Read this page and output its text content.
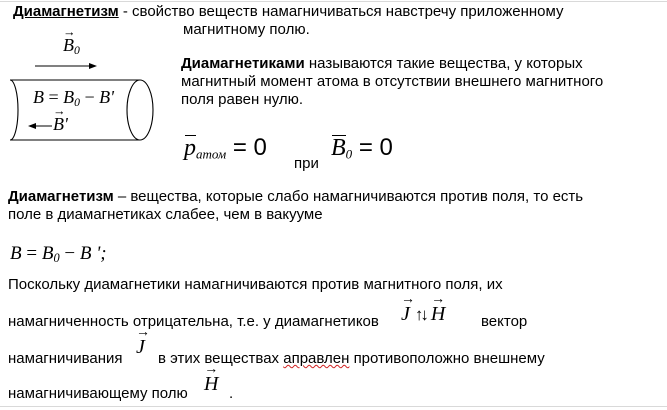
Диамагнетизм - свойство веществ намагничиваться навстречу приложенному
магнитному полю.
Диамагнетиками называются такие вещества, у которых
магнитный момент атома в отсутствии внешнего магнитного
поля равен нулю.
→ $B_0$
$B = B_0 - B'$
→ B'
$p_{атом} = 0$
при
$B_0 = 0$
Диамагнетизм – вещества, которые слабо намагничиваются против поля, то есть
поле в диамагнетиках слабее, чем в вакууме
$B = B_0 - B$ ';
Поскольку диамагнетики намагничиваются против магнитного поля, их
намагниченность отрицательна, т.е. у диамагнетиков → J ↑↓ → H вектор
намагничивания
→ J
в этих веществах аправлен противоположно внешнему
намагничивающему полю → H .
